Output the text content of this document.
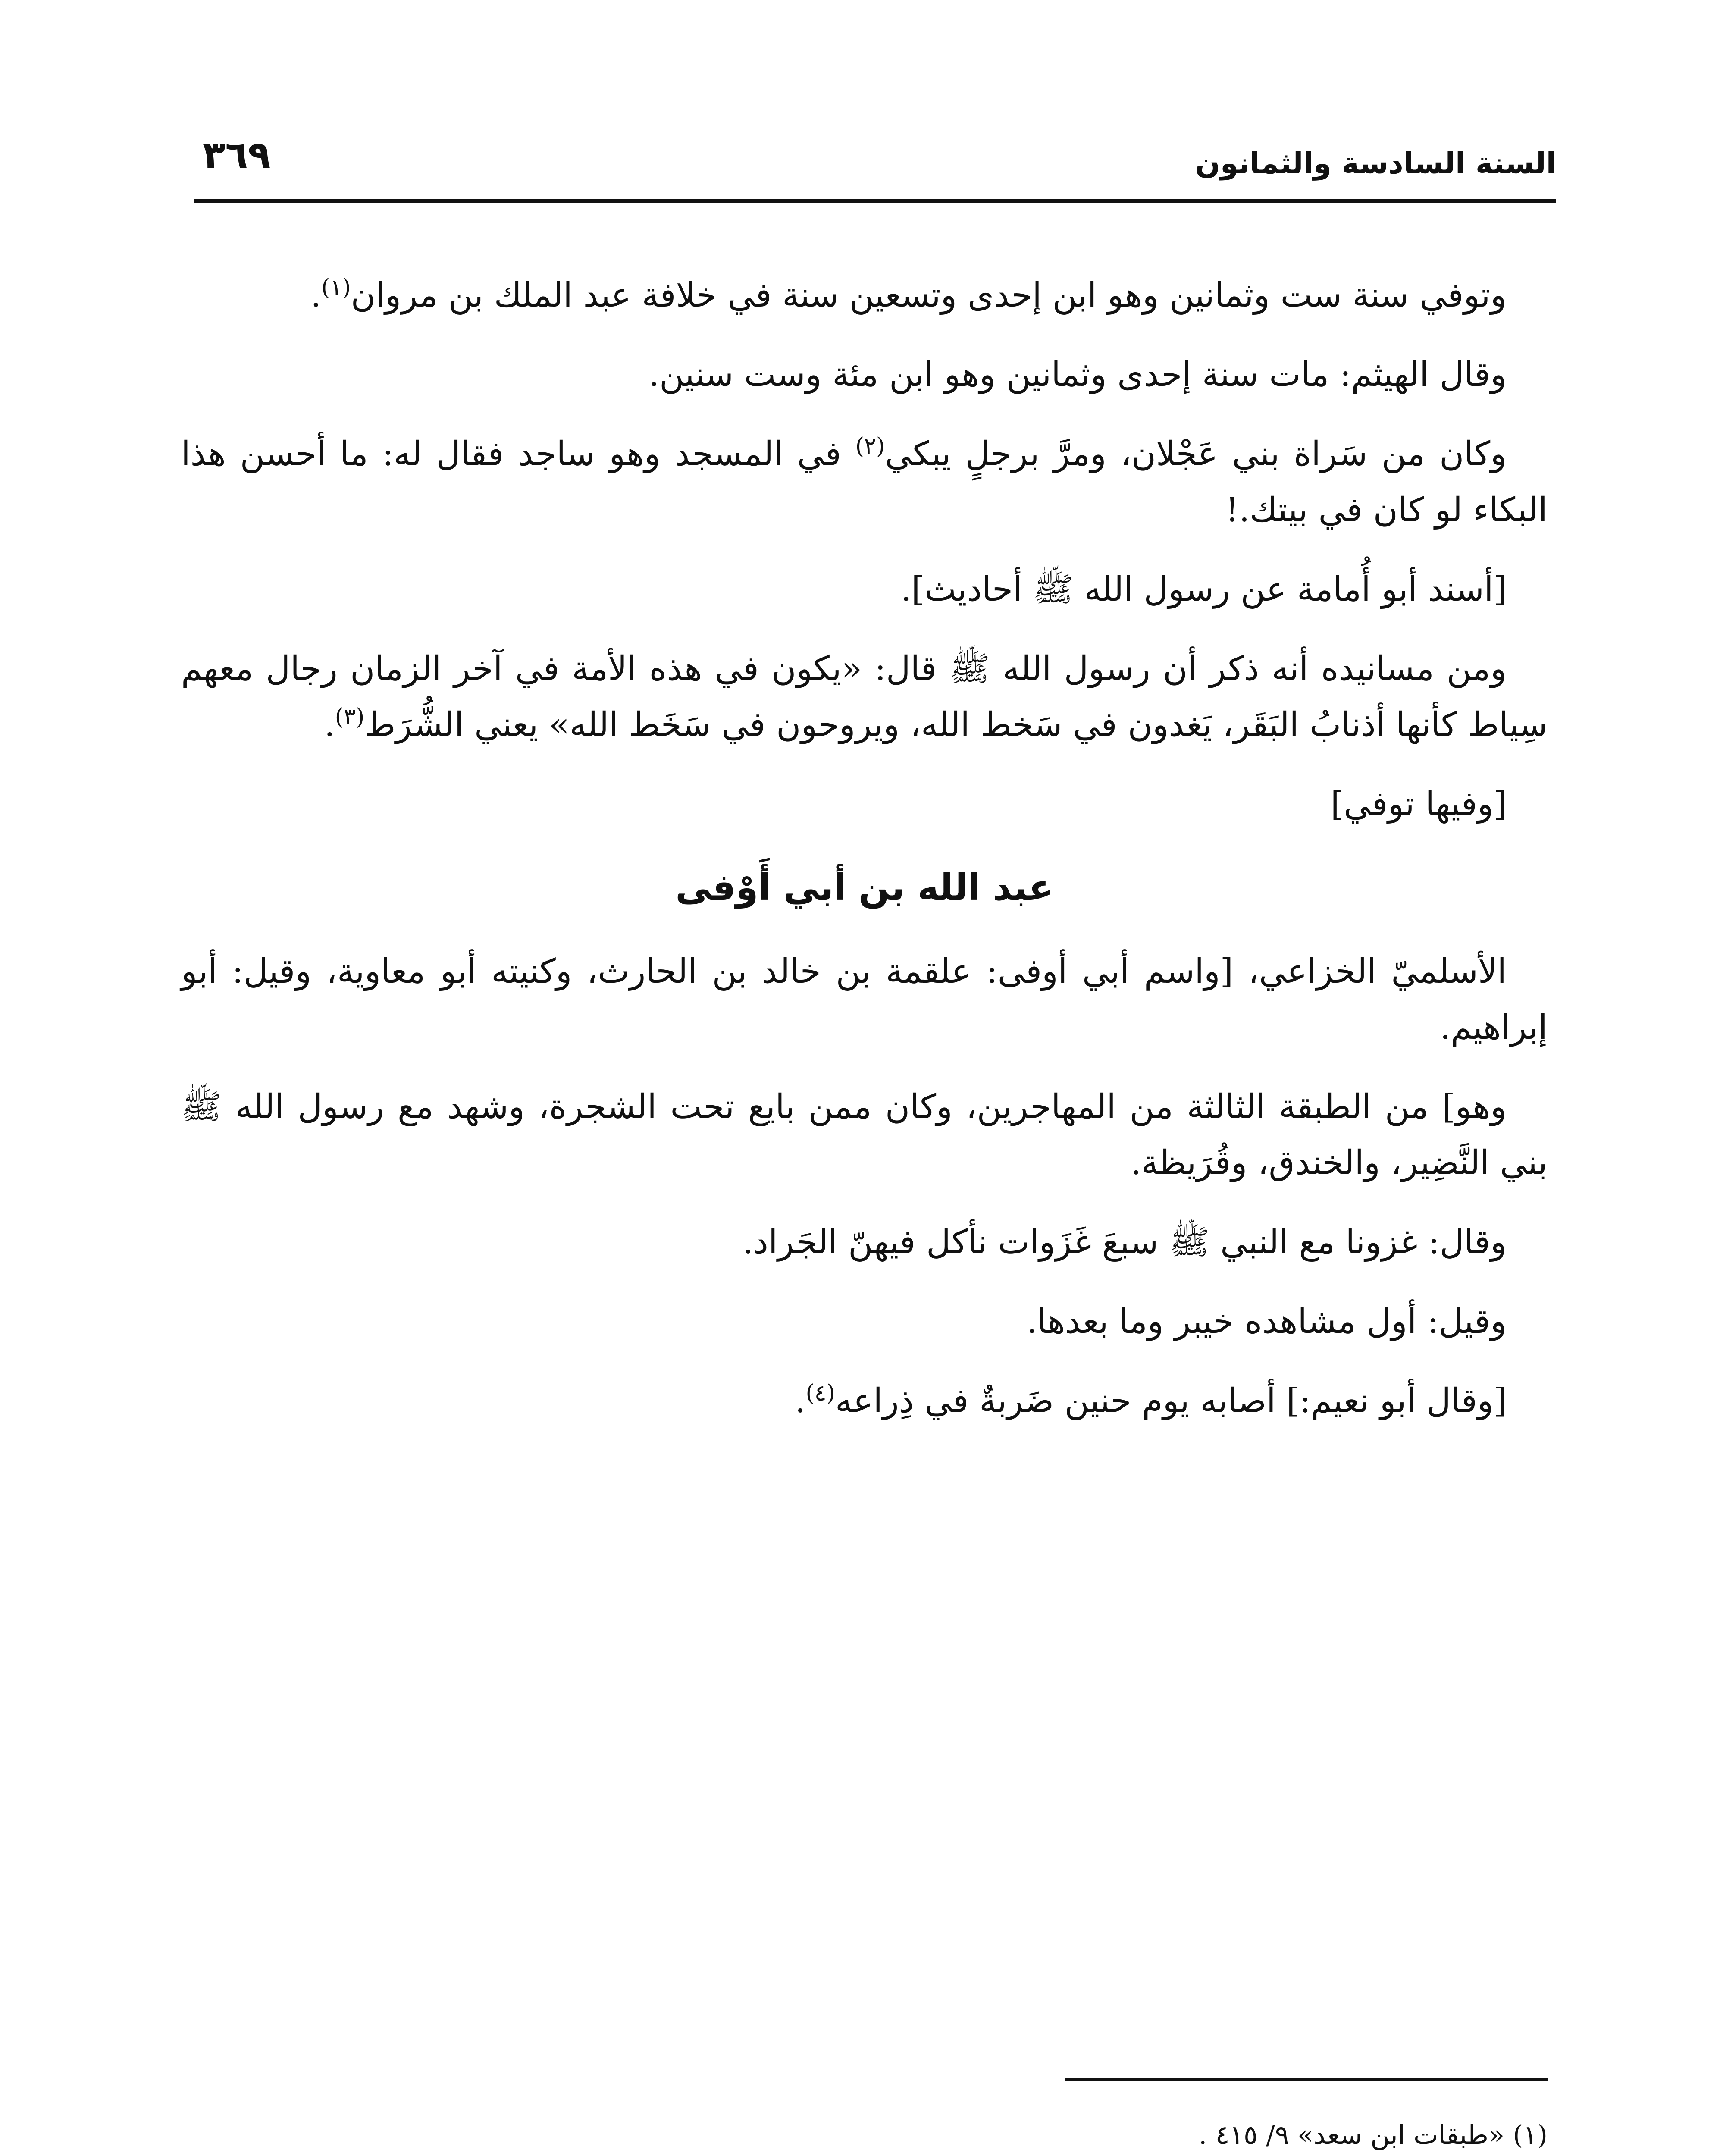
السنة السادسة والثمانون
٣٦٩

وتوفي سنة ست وثمانين وهو ابن إحدى وتسعين سنة في خلافة عبد الملك بن مروان$^{(١)}$.

وقال الهيثم: مات سنة إحدى وثمانين وهو ابن مئة وست سنين.

وكان من سَراة بني عَجْلان، ومرَّ برجلٍ يبكي$^{(٢)}$ في المسجد وهو ساجد فقال له: ما أحسن هذا البكاء لو كان في بيتك.!

[أسند أبو أُمامة عن رسول الله ﷺ أحاديث].

ومن مسانيده أنه ذكر أن رسول الله ﷺ قال: «يكون في هذه الأمة في آخر الزمان رجال معهم سِياط كأنها أذنابُ البَقَر، يَغدون في سَخط الله، ويروحون في سَخَط الله» يعني الشُّرَط$^{(٣)}$.

[وفيها توفي]

عبد الله بن أبي أَوْفى

الأسلميّ الخزاعي، [واسم أبي أوفى: علقمة بن خالد بن الحارث، وكنيته أبو معاوية، وقيل: أبو إبراهيم.

وهو] من الطبقة الثالثة من المهاجرين، وكان ممن بايع تحت الشجرة، وشهد مع رسول الله ﷺ بني النَّضِير، والخندق، وقُرَيظة.

وقال: غزونا مع النبي ﷺ سبعَ غَزَوات نأكل فيهنّ الجَراد.

وقيل: أول مشاهده خيبر وما بعدها.

[وقال أبو نعيم:] أصابه يوم حنين ضَربةٌ في ذِراعه$^{(٤)}$.

(١) «طبقات ابن سعد» ٩/ ٤١٥ .
